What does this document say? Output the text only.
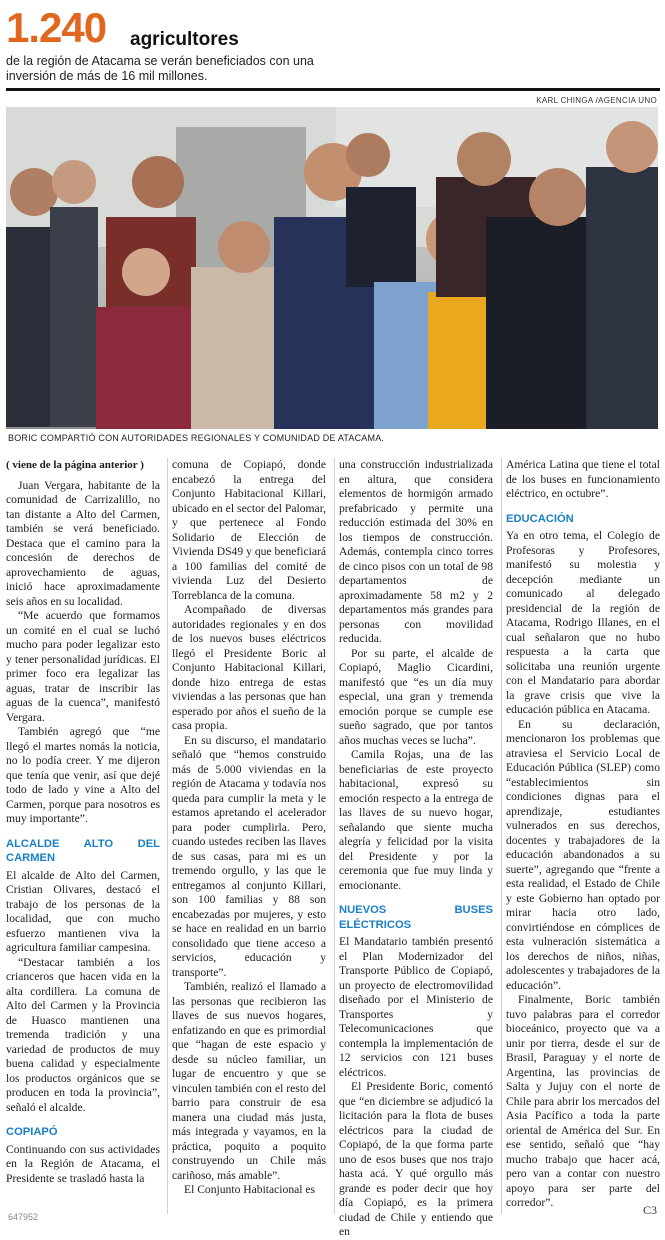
1.240 agricultores
de la región de Atacama se verán beneficiados con una inversión de más de 16 mil millones.
KARL CHINGA /AGENCIA UNO
BORIC COMPARTIÓ CON AUTORIDADES REGIONALES Y COMUNIDAD DE ATACAMA.

( viene de la página anterior )

Juan Vergara, habitante de la comunidad de Carrizalillo, no tan distante a Alto del Carmen, también se verá beneficiado. Destaca que el camino para la concesión de derechos de aprovechamiento de aguas, inició hace aproximadamente seis años en su localidad.

“Me acuerdo que formamos un comité en el cual se luchó mucho para poder legalizar esto y tener personalidad jurídicas. El primer foco era legalizar las aguas, tratar de inscribir las aguas de la cuenca”, manifestó Vergara.

También agregó que “me llegó el martes nomás la noticia, no lo podía creer. Y me dijeron que tenía que venir, así que dejé todo de lado y vine a Alto del Carmen, porque para nosotros es muy importante”.

ALCALDE ALTO DEL CARMEN

El alcalde de Alto del Carmen, Cristian Olivares, destacó el trabajo de los personas de la localidad, que con mucho esfuerzo mantienen viva la agricultura familiar campesina.

“Destacar también a los crianceros que hacen vida en la alta cordillera. La comuna de Alto del Carmen y la Provincia de Huasco mantienen una tremenda tradición y una variedad de productos de muy buena calidad y especialmente los productos orgánicos que se producen en toda la provincia”, señaló el alcalde.

COPIAPÓ

Continuando con sus actividades en la Región de Atacama, el Presidente se trasladó hasta la

comuna de Copiapó, donde encabezó la entrega del Conjunto Habitacional Killari, ubicado en el sector del Palomar, y que pertenece al Fondo Solidario de Elección de Vivienda DS49 y que beneficiará a 100 familias del comité de vivienda Luz del Desierto Torreblanca de la comuna.

Acompañado de diversas autoridades regionales y en dos de los nuevos buses eléctricos llegó el Presidente Boric al Conjunto Habitacional Killari, donde hizo entrega de estas viviendas a las personas que han esperado por años el sueño de la casa propia.

En su discurso, el mandatario señaló que “hemos construido más de 5.000 viviendas en la región de Atacama y todavía nos queda para cumplir la meta y le estamos apretando el acelerador para poder cumplirla. Pero, cuando ustedes reciben las llaves de sus casas, para mi es un tremendo orgullo, y las que le entregamos al conjunto Killari, son 100 familias y 88 son encabezadas por mujeres, y esto se hace en realidad en un barrio consolidado que tiene acceso a servicios, educación y transporte”.

También, realizó el llamado a las personas que recibieron las llaves de sus nuevos hogares, enfatizando en que es primordial que “hagan de este espacio y desde su núcleo familiar, un lugar de encuentro y que se vinculen también con el resto del barrio para construir de esa manera una ciudad más justa, más integrada y vayamos, en la práctica, poquito a poquito construyendo un Chile más cariñoso, más amable”.

El Conjunto Habitacional es

una construcción industrializada en altura, que considera elementos de hormigón armado prefabricado y permite una reducción estimada del 30% en los tiempos de construcción. Además, contempla cinco torres de cinco pisos con un total de 98 departamentos de aproximadamente 58 m2 y 2 departamentos más grandes para personas con movilidad reducida.

Por su parte, el alcalde de Copiapó, Maglio Cicardini, manifestó que “es un día muy especial, una gran y tremenda emoción porque se cumple ese sueño sagrado, que por tantos años muchas veces se lucha”.

Camila Rojas, una de las beneficiarias de este proyecto habitacional, expresó su emoción respecto a la entrega de las llaves de su nuevo hogar, señalando que siente mucha alegría y felicidad por la visita del Presidente y por la ceremonia que fue muy linda y emocionante.

NUEVOS BUSES ELÉCTRICOS

El Mandatario también presentó el Plan Modernizador del Transporte Público de Copiapó, un proyecto de electromovilidad diseñado por el Ministerio de Transportes y Telecomunicaciones que contempla la implementación de 12 servicios con 121 buses eléctricos.

El Presidente Boric, comentó que “en diciembre se adjudicó la licitación para la flota de buses eléctricos para la ciudad de Copiapó, de la que forma parte uno de esos buses que nos trajo hasta acá. Y qué orgullo más grande es poder decir que hoy día Copiapó, es la primera ciudad de Chile y entiendo que en

América Latina que tiene el total de los buses en funcionamiento eléctrico, en octubre”.

EDUCACIÓN

Ya en otro tema, el Colegio de Profesoras y Profesores, manifestó su molestia y decepción mediante un comunicado al delegado presidencial de la región de Atacama, Rodrigo Illanes, en el cual señalaron que no hubo respuesta a la carta que solicitaba una reunión urgente con el Mandatario para abordar la grave crisis que vive la educación pública en Atacama.

En su declaración, mencionaron los problemas que atraviesa el Servicio Local de Educación Pública (SLEP) como “establecimientos sin condiciones dignas para el aprendizaje, estudiantes vulnerados en sus derechos, docentes y trabajadores de la educación abandonados a su suerte”, agregando que “frente a esta realidad, el Estado de Chile y este Gobierno han optado por mirar hacia otro lado, convirtiéndose en cómplices de esta vulneración sistemática a los derechos de niños, niñas, adolescentes y trabajadores de la educación”.

Finalmente, Boric también tuvo palabras para el corredor bioceánico, proyecto que va a unir por tierra, desde el sur de Brasil, Paraguay y el norte de Argentina, las provincias de Salta y Jujuy con el norte de Chile para abrir los mercados del Asia Pacífico a toda la parte oriental de América del Sur. En ese sentido, señaló que “hay mucho trabajo que hacer acá, pero van a contar con nuestro apoyo para ser parte del corredor”.

647952	C3
